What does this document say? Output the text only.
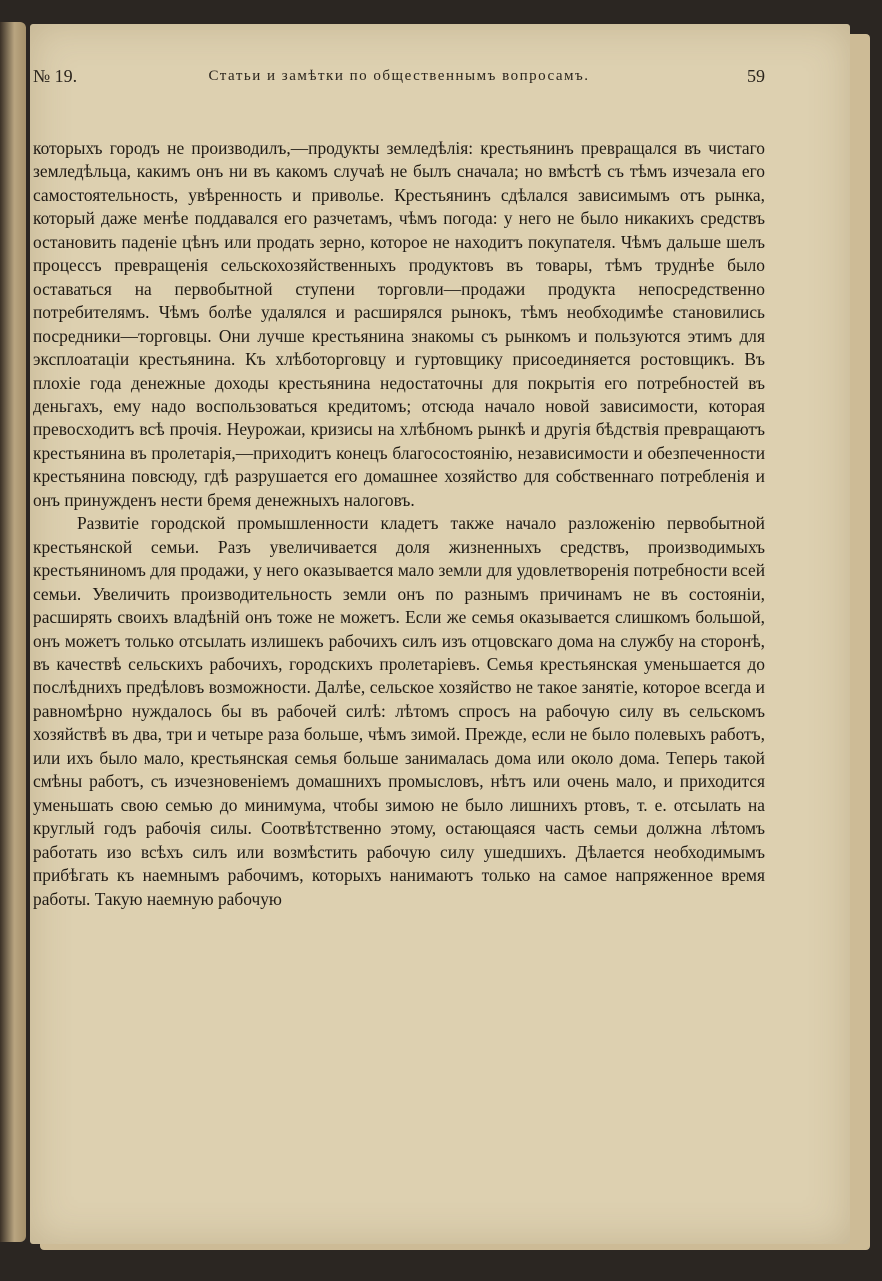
№ 19.	Статьи и замѣтки по общественнымъ вопросамъ.	59

которыхъ городъ не производилъ,—продукты земледѣлія: крестьянинъ превращался въ чистаго земледѣльца, какимъ онъ ни въ какомъ случаѣ не былъ сначала; но вмѣстѣ съ тѣмъ изчезала его самостоятельность, увѣренность и приволье. Крестьянинъ сдѣлался зависимымъ отъ рынка, который даже менѣе поддавался его разчетамъ, чѣмъ погода: у него не было никакихъ средствъ остановить паденіе цѣнъ или продать зерно, которое не находитъ покупателя. Чѣмъ дальше шелъ процессъ превращенія сельскохозяйственныхъ продуктовъ въ товары, тѣмъ труднѣе было оставаться на первобытной ступени торговли—продажи продукта непосредственно потребителямъ. Чѣмъ болѣе удалялся и расширялся рынокъ, тѣмъ необходимѣе становились посредники—торговцы. Они лучше крестьянина знакомы съ рынкомъ и пользуются этимъ для эксплоатаціи крестьянина. Къ хлѣботорговцу и гуртовщику присоединяется ростовщикъ. Въ плохіе года денежные доходы крестьянина недостаточны для покрытія его потребностей въ деньгахъ, ему надо воспользоваться кредитомъ; отсюда начало новой зависимости, которая превосходитъ всѣ прочія. Неурожаи, кризисы на хлѣбномъ рынкѣ и другія бѣдствія превращаютъ крестьянина въ пролетарія,—приходитъ конецъ благосостоянію, независимости и обезпеченности крестьянина повсюду, гдѣ разрушается его домашнее хозяйство для собственнаго потребленія и онъ принужденъ нести бремя денежныхъ налоговъ.

Развитіе городской промышленности кладетъ также начало разложенію первобытной крестьянской семьи. Разъ увеличивается доля жизненныхъ средствъ, производимыхъ крестьяниномъ для продажи, у него оказывается мало земли для удовлетворенія потребности всей семьи. Увеличить производительность земли онъ по разнымъ причинамъ не въ состояніи, расширять своихъ владѣній онъ тоже не можетъ. Если же семья оказывается слишкомъ большой, онъ можетъ только отсылать излишекъ рабочихъ силъ изъ отцовскаго дома на службу на сторонѣ, въ качествѣ сельскихъ рабочихъ, городскихъ пролетаріевъ. Семья крестьянская уменьшается до послѣднихъ предѣловъ возможности. Далѣе, сельское хозяйство не такое занятіе, которое всегда и равномѣрно нуждалось бы въ рабочей силѣ: лѣтомъ спросъ на рабочую силу въ сельскомъ хозяйствѣ въ два, три и четыре раза больше, чѣмъ зимой. Прежде, если не было полевыхъ работъ, или ихъ было мало, крестьянская семья больше занималась дома или около дома. Теперь такой смѣны работъ, съ изчезновеніемъ домашнихъ промысловъ, нѣтъ или очень мало, и приходится уменьшать свою семью до минимума, чтобы зимою не было лишнихъ ртовъ, т. е. отсылать на круглый годъ рабочія силы. Соотвѣтственно этому, остающаяся часть семьи должна лѣтомъ работать изо всѣхъ силъ или возмѣстить рабочую силу ушедшихъ. Дѣлается необходимымъ прибѣгать къ наемнымъ рабочимъ, которыхъ нанимаютъ только на самое напряженное время работы. Такую наемную рабочую
